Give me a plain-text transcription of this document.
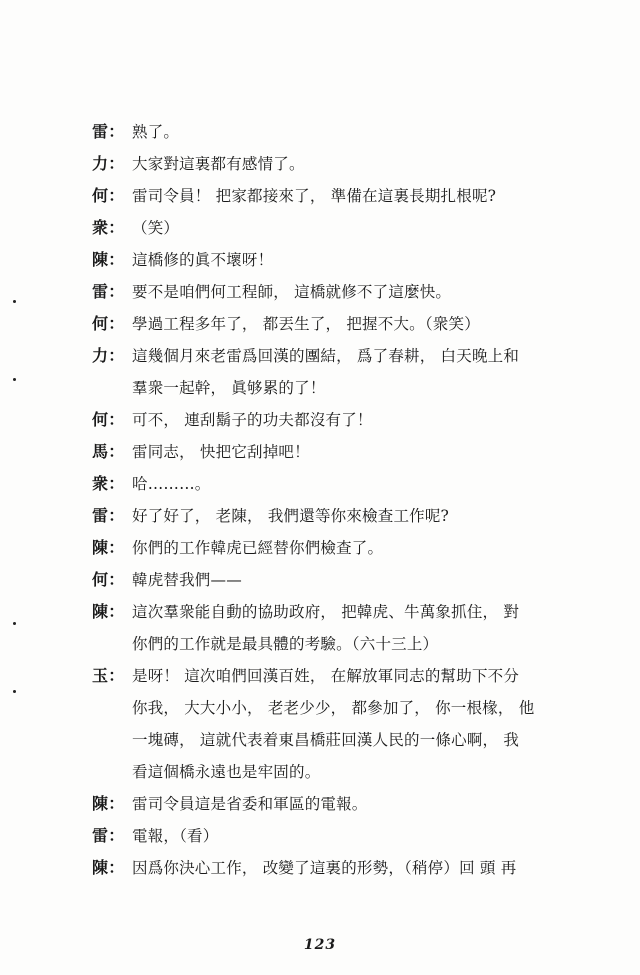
雷： 熟了。
力： 大家對這裏都有感情了。
何： 雷司令員！ 把家都接來了， 準備在這裏長期扎根呢?
衆： （笑）
陳： 這橋修的眞不壞呀！
雷： 要不是咱們何工程師， 這橋就修不了這麼快。
何： 學過工程多年了， 都丟生了， 把握不大。（衆笑）
力： 這幾個月來老雷爲回漢的團結， 爲了春耕， 白天晚上和
羣衆一起幹， 眞够累的了！
何： 可不， 連刮鬍子的功夫都沒有了！
馬： 雷同志， 快把它刮掉吧！
衆： 哈………。
雷： 好了好了， 老陳， 我們還等你來檢查工作呢?
陳： 你們的工作韓虎已經替你們檢查了。
何： 韓虎替我們——
陳： 這次羣衆能自動的協助政府， 把韓虎、牛萬象抓住， 對
你們的工作就是最具體的考驗。（六十三上）
玉： 是呀！ 這次咱們回漢百姓， 在解放軍同志的幫助下不分
你我， 大大小小， 老老少少， 都參加了， 你一根椽， 他
一塊磚， 這就代表着東昌橋莊回漢人民的一條心啊， 我
看這個橋永遠也是牢固的。
陳： 雷司令員這是省委和軍區的電報。
雷： 電報，（看）
陳： 因爲你決心工作， 改變了這裏的形勢，（稍停）回 頭 再
123
